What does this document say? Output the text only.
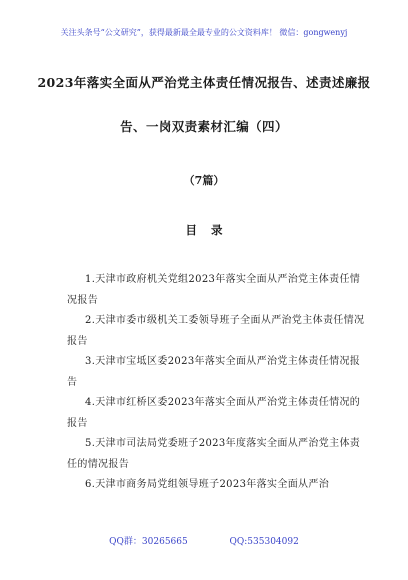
关注头条号“公文研究”，获得最新最全最专业的公文资料库！ 微信：gongwenyj
2023年落实全面从严治党主体责任情况报告、述责述廉报
告、一岗双责素材汇编（四）
（7篇）
目录
1.天津市政府机关党组2023年落实全面从严治党主体责任情况报告
2.天津市委市级机关工委领导班子全面从严治党主体责任情况报告
3.天津市宝坻区委2023年落实全面从严治党主体责任情况报告
4.天津市红桥区委2023年落实全面从严治党主体责任情况的报告
5.天津市司法局党委班子2023年度落实全面从严治党主体责任的情况报告
6.天津市商务局党组领导班子2023年落实全面从严治
QQ群：30265665	QQ:535304092
